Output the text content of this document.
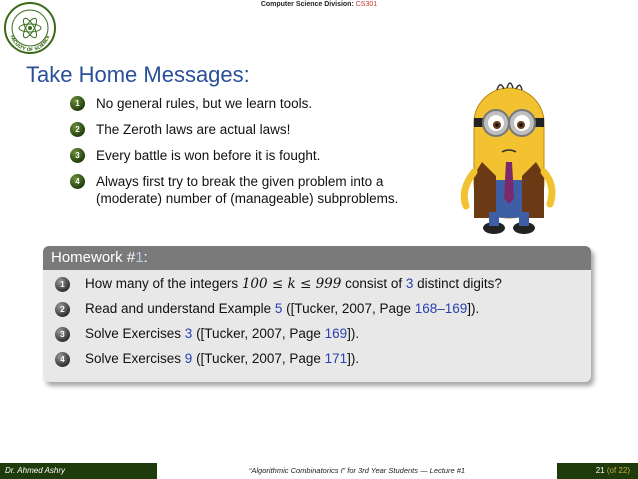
Computer Science Division: CS301
FACULTY OF SCIENCE
Take Home Messages:
1	No general rules, but we learn tools.
2	The Zeroth laws are actual laws!
3	Every battle is won before it is fought.
4	Always first try to break the given problem into a (moderate) number of (manageable) subproblems.
Homework #1:
1	How many of the integers 100 ≤ k ≤ 999 consist of 3 distinct digits?
2	Read and understand Example 5 ([Tucker, 2007, Page 168–169]).
3	Solve Exercises 3 ([Tucker, 2007, Page 169]).
4	Solve Exercises 9 ([Tucker, 2007, Page 171]).
Dr. Ahmed Ashry	“Algorithmic Combinatorics I” for 3rd Year Students — Lecture #1	21 (of 22)
